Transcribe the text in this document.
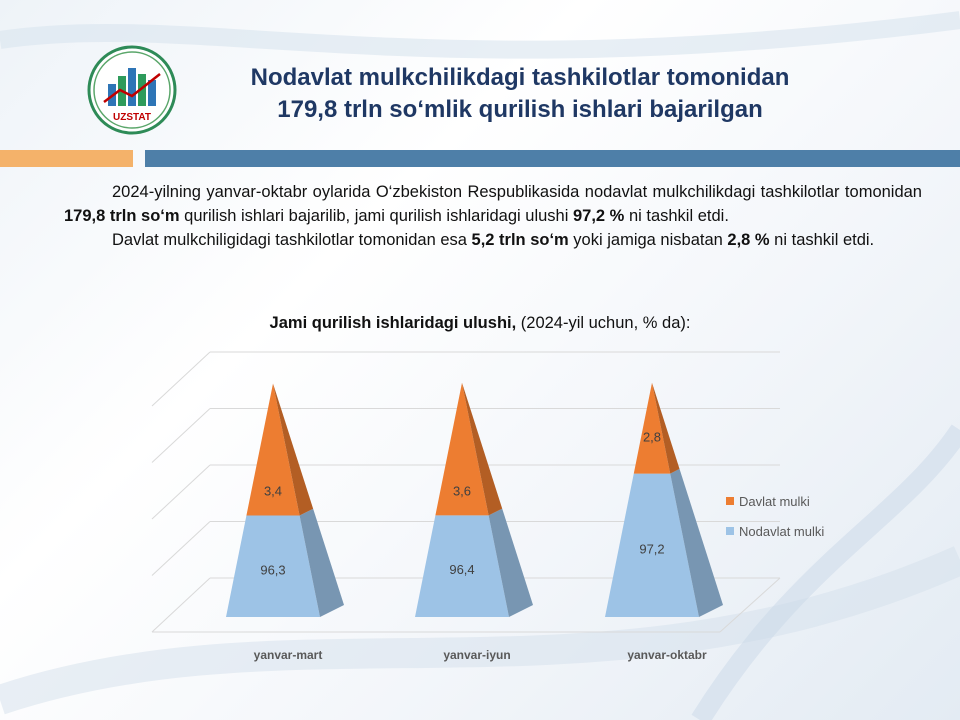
UZSTAT
Nodavlat mulkchilikdagi tashkilotlar tomonidan
179,8 trln so‘mlik qurilish ishlari bajarilgan

2024-yilning yanvar-oktabr oylarida O‘zbekiston Respublikasida nodavlat mulkchilikdagi tashkilotlar tomonidan 179,8 trln so‘m qurilish ishlari bajarilib, jami qurilish ishlaridagi ulushi 97,2 % ni tashkil etdi.

Davlat mulkchiligidagi tashkilotlar tomonidan esa 5,2 trln so‘m yoki jamiga nisbatan 2,8 % ni tashkil etdi.

Jami qurilish ishlaridagi ulushi, (2024-yil uchun, % da):
96,3
3,4
yanvar-mart
96,4
3,6
yanvar-iyun
97,2
2,8
yanvar-oktabr
Davlat mulki
Nodavlat mulki
